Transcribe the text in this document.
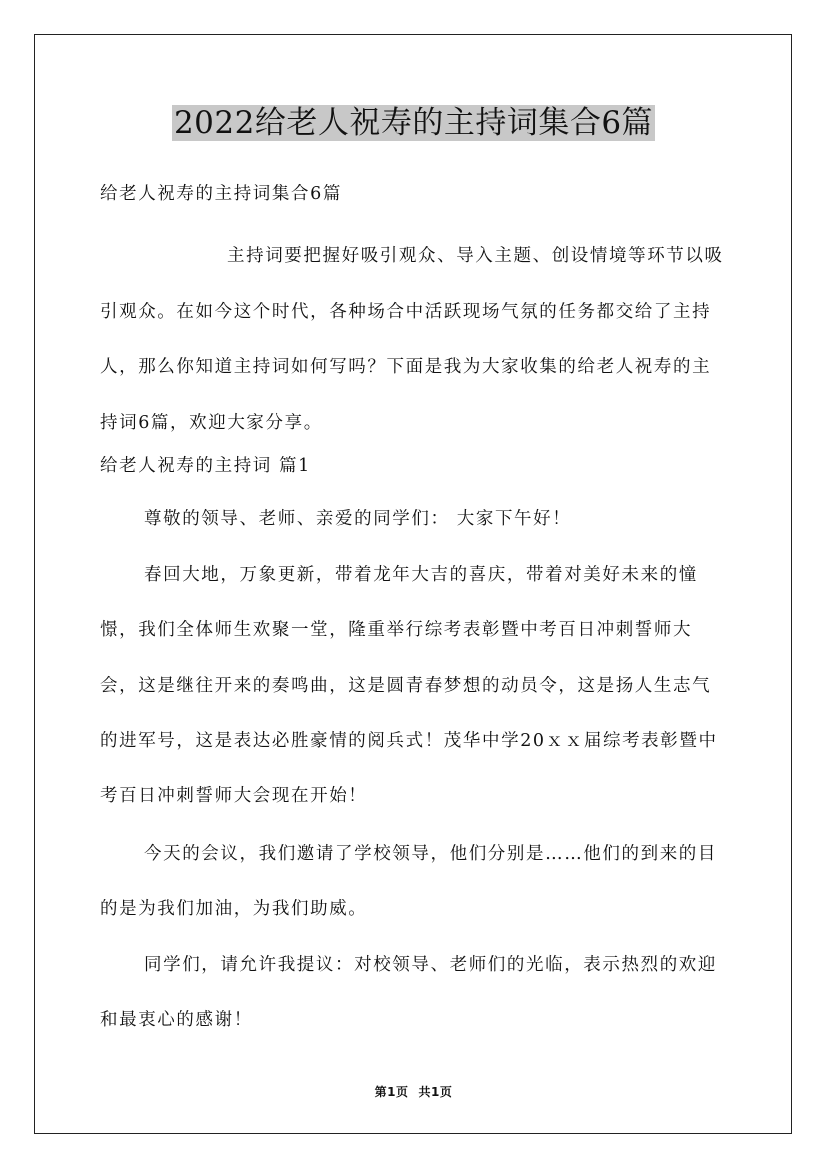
2022给老人祝寿的主持词集合6篇
给老人祝寿的主持词集合6篇
主持词要把握好吸引观众、导入主题、创设情境等环节以吸引观众。在如今这个时代，各种场合中活跃现场气氛的任务都交给了主持人，那么你知道主持词如何写吗？下面是我为大家收集的给老人祝寿的主持词6篇，欢迎大家分享。
给老人祝寿的主持词 篇1
尊敬的领导、老师、亲爱的同学们： 大家下午好！
春回大地，万象更新，带着龙年大吉的喜庆，带着对美好未来的憧憬，我们全体师生欢聚一堂，隆重举行综考表彰暨中考百日冲刺誓师大会，这是继往开来的奏鸣曲，这是圆青春梦想的动员令，这是扬人生志气的进军号，这是表达必胜豪情的阅兵式！茂华中学20ｘｘ届综考表彰暨中考百日冲刺誓师大会现在开始！
今天的会议，我们邀请了学校领导，他们分别是……他们的到来的目的是为我们加油，为我们助威。
同学们，请允许我提议：对校领导、老师们的光临，表示热烈的欢迎和最衷心的感谢！
第1页 共1页
